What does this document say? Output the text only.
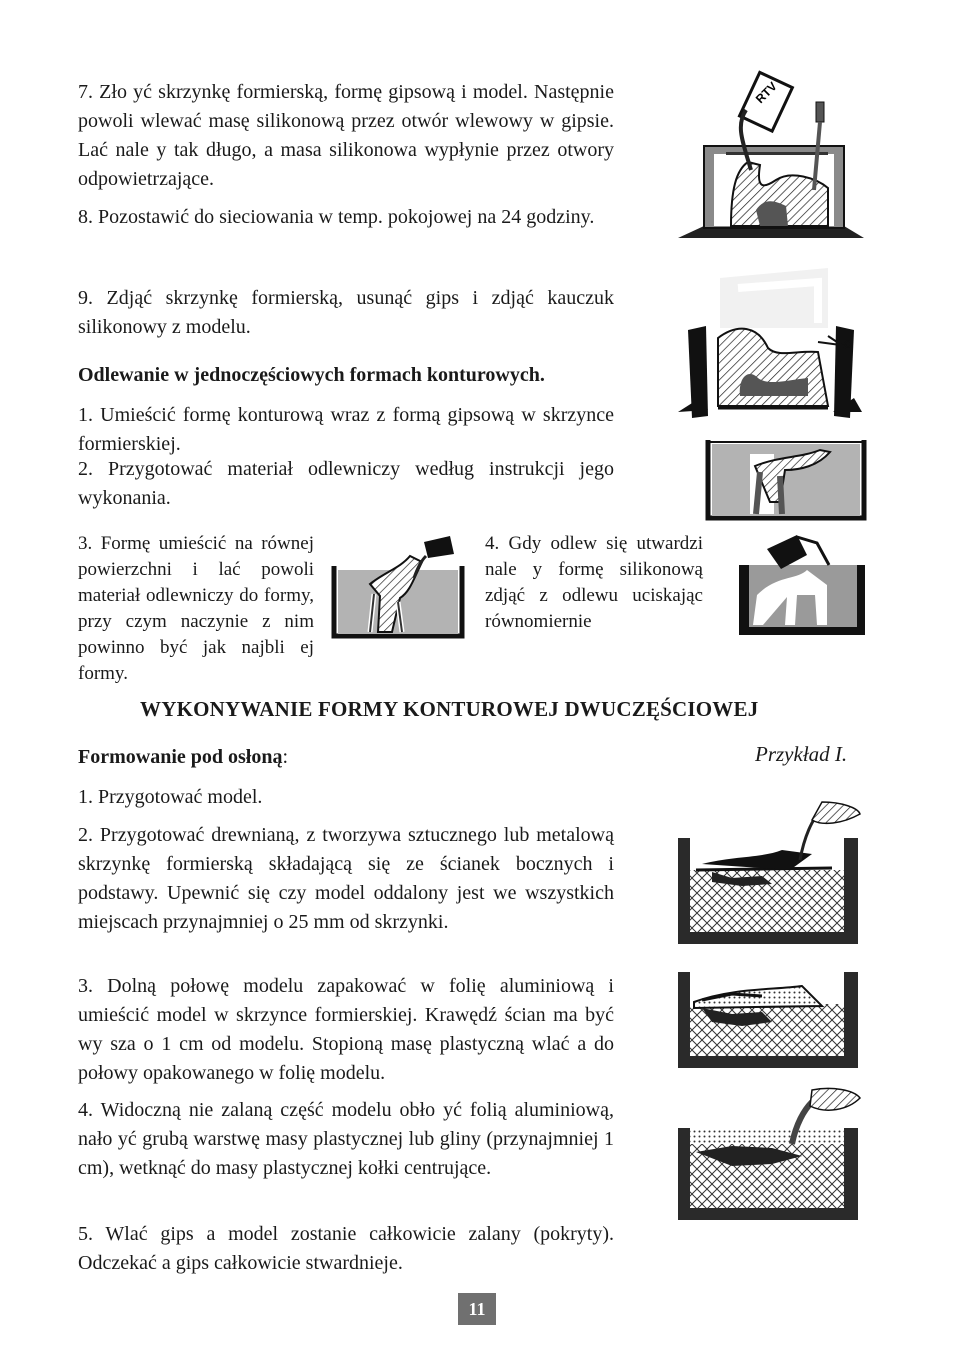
7. Zło yć skrzynkę formierską, formę gipsową i model. Następnie powoli wlewać masę silikonową przez otwór wlewowy w gipsie. Lać nale y tak długo, a masa silikonowa wypłynie przez otwory odpowietrzające.

8. Pozostawić do sieciowania w temp. pokojowej na 24 godziny.

9. Zdjąć skrzynkę formierską, usunąć gips i zdjąć kauczuk silikonowy z modelu.

Odlewanie w jednoczęściowych formach konturowych.

1. Umieścić formę konturową wraz z formą gipsową w skrzynce formierskiej.

2. Przygotować materiał odlewniczy według instrukcji jego wykonania.

3. Formę umieścić na równej powierzchni i lać powoli materiał odlewniczy do formy, przy czym naczynie z nim powinno być jak najbli ej formy.

4. Gdy odlew się utwardzi nale y formę silikonową zdjąć z odlewu uciskając równomiernie

WYKONYWANIE FORMY KONTUROWEJ DWUCZĘŚCIOWEJ
Formowanie pod osłoną:	Przykład I.

1. Przygotować model.

2. Przygotować drewnianą, z tworzywa sztucznego lub metalową skrzynkę formierską składającą się ze ścianek bocznych i podstawy. Upewnić się czy model oddalony jest we wszystkich miejscach przynajmniej o 25 mm od skrzynki.

3. Dolną połowę modelu zapakować w folię aluminiową i umieścić model w skrzynce formierskiej. Krawędź ścian ma być wy sza o 1 cm od modelu. Stopioną masę plastyczną wlać a do połowy opakowanego w folię modelu.

4. Widoczną nie zalaną część modelu obło yć folią aluminiową, nało yć grubą warstwę masy plastycznej lub gliny (przynajmniej 1 cm), wetknąć do masy plastycznej kołki centrujące.

5. Wlać gips a model zostanie całkowicie zalany (pokryty). Odczekać a gips całkowicie stwardnieje.

11
RTV
